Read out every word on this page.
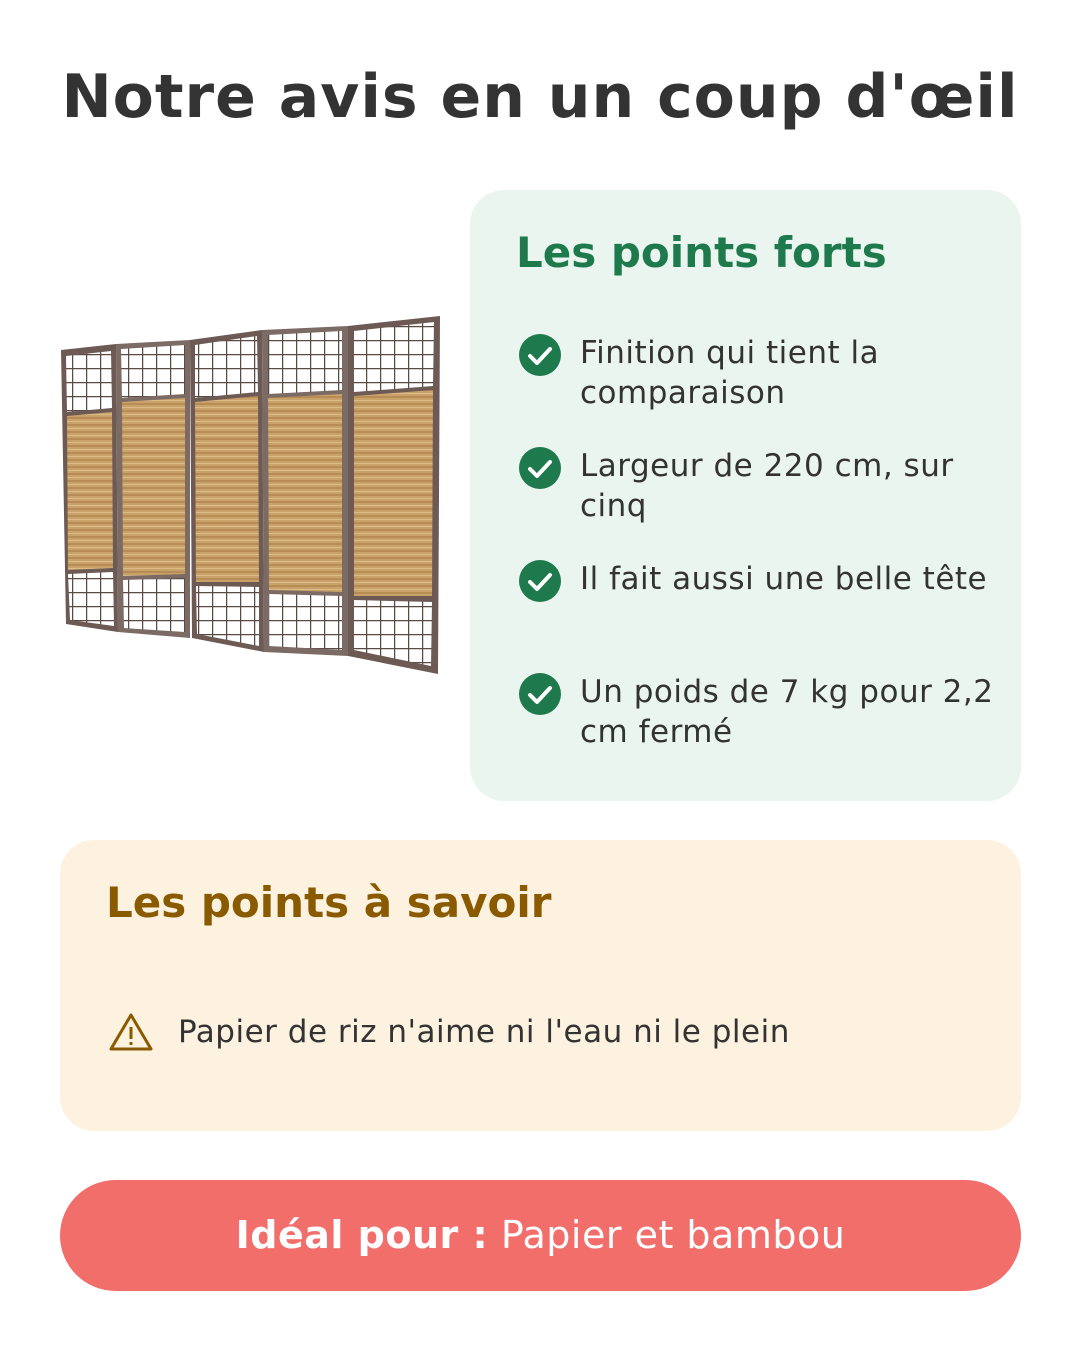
Notre avis en un coup d'œil
Les points forts
Finition qui tient la comparaison
Largeur de 220 cm, sur cinq
Il fait aussi une belle tête
Un poids de 7 kg pour 2,2 cm fermé
Les points à savoir
Papier de riz n'aime ni l'eau ni le plein
Idéal pour : Papier et bambou
